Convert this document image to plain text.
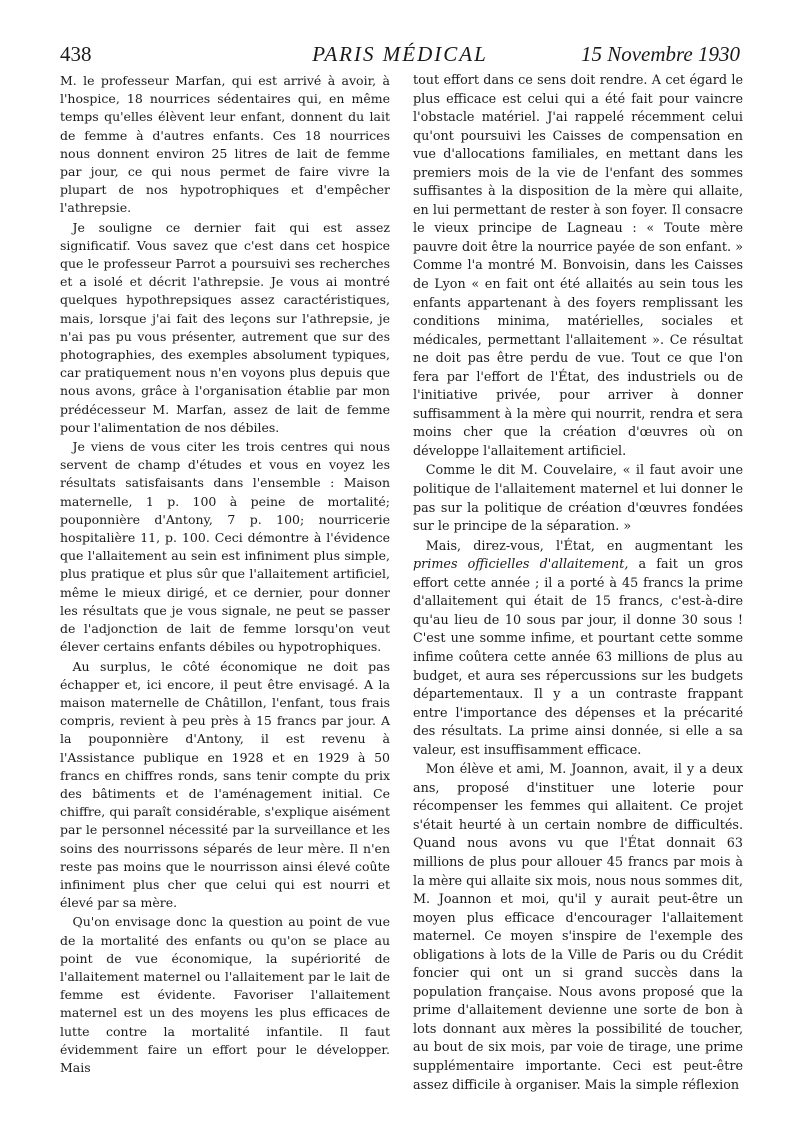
438	PARIS MÉDICAL	15 Novembre 1930

M. le professeur Marfan, qui est arrivé à avoir, à l'hospice, 18 nourrices sédentaires qui, en même temps qu'elles élèvent leur enfant, donnent du lait de femme à d'autres enfants. Ces 18 nourrices nous donnent environ 25 litres de lait de femme par jour, ce qui nous permet de faire vivre la plupart de nos hypotrophiques et d'empêcher l'athrepsie.

Je souligne ce dernier fait qui est assez significatif. Vous savez que c'est dans cet hospice que le professeur Parrot a poursuivi ses recherches et a isolé et décrit l'athrepsie. Je vous ai montré quelques hypothrepsiques assez caractéristiques, mais, lorsque j'ai fait des leçons sur l'athrepsie, je n'ai pas pu vous présenter, autrement que sur des photographies, des exemples absolument typiques, car pratiquement nous n'en voyons plus depuis que nous avons, grâce à l'organisation établie par mon prédécesseur M. Marfan, assez de lait de femme pour l'alimentation de nos débiles.

Je viens de vous citer les trois centres qui nous servent de champ d'études et vous en voyez les résultats satisfaisants dans l'ensemble : Maison maternelle, 1 p. 100 à peine de mortalité; pouponnière d'Antony, 7 p. 100; nourricerie hospitalière 11, p. 100. Ceci démontre à l'évidence que l'allaitement au sein est infiniment plus simple, plus pratique et plus sûr que l'allaitement artificiel, même le mieux dirigé, et ce dernier, pour donner les résultats que je vous signale, ne peut se passer de l'adjonction de lait de femme lorsqu'on veut élever certains enfants débiles ou hypotrophiques.

Au surplus, le côté économique ne doit pas échapper et, ici encore, il peut être envisagé. A la maison maternelle de Châtillon, l'enfant, tous frais compris, revient à peu près à 15 francs par jour. A la pouponnière d'Antony, il est revenu à l'Assistance publique en 1928 et en 1929 à 50 francs en chiffres ronds, sans tenir compte du prix des bâtiments et de l'aménagement initial. Ce chiffre, qui paraît considérable, s'explique aisément par le personnel nécessité par la surveillance et les soins des nourrissons séparés de leur mère. Il n'en reste pas moins que le nourrisson ainsi élevé coûte infiniment plus cher que celui qui est nourri et élevé par sa mère.

Qu'on envisage donc la question au point de vue de la mortalité des enfants ou qu'on se place au point de vue économique, la supériorité de l'allaitement maternel ou l'allaitement par le lait de femme est évidente. Favoriser l'allaitement maternel est un des moyens les plus efficaces de lutte contre la mortalité infantile. Il faut évidemment faire un effort pour le développer. Mais

tout effort dans ce sens doit rendre. A cet égard le plus efficace est celui qui a été fait pour vaincre l'obstacle matériel. J'ai rappelé récemment celui qu'ont poursuivi les Caisses de compensation en vue d'allocations familiales, en mettant dans les premiers mois de la vie de l'enfant des sommes suffisantes à la disposition de la mère qui allaite, en lui permettant de rester à son foyer. Il consacre le vieux principe de Lagneau : « Toute mère pauvre doit être la nourrice payée de son enfant. » Comme l'a montré M. Bonvoisin, dans les Caisses de Lyon « en fait ont été allaités au sein tous les enfants appartenant à des foyers remplissant les conditions minima, matérielles, sociales et médicales, permettant l'allaitement ». Ce résultat ne doit pas être perdu de vue. Tout ce que l'on fera par l'effort de l'État, des industriels ou de l'initiative privée, pour arriver à donner suffisamment à la mère qui nourrit, rendra et sera moins cher que la création d'œuvres où on développe l'allaitement artificiel.

Comme le dit M. Couvelaire, « il faut avoir une politique de l'allaitement maternel et lui donner le pas sur la politique de création d'œuvres fondées sur le principe de la séparation. »

Mais, direz-vous, l'État, en augmentant les primes officielles d'allaitement, a fait un gros effort cette année ; il a porté à 45 francs la prime d'allaitement qui était de 15 francs, c'est-à-dire qu'au lieu de 10 sous par jour, il donne 30 sous ! C'est une somme infime, et pourtant cette somme infime coûtera cette année 63 millions de plus au budget, et aura ses répercussions sur les budgets départementaux. Il y a un contraste frappant entre l'importance des dépenses et la précarité des résultats. La prime ainsi donnée, si elle a sa valeur, est insuffisamment efficace.

Mon élève et ami, M. Joannon, avait, il y a deux ans, proposé d'instituer une loterie pour récompenser les femmes qui allaitent. Ce projet s'était heurté à un certain nombre de difficultés. Quand nous avons vu que l'État donnait 63 millions de plus pour allouer 45 francs par mois à la mère qui allaite six mois, nous nous sommes dit, M. Joannon et moi, qu'il y aurait peut-être un moyen plus efficace d'encourager l'allaitement maternel. Ce moyen s'inspire de l'exemple des obligations à lots de la Ville de Paris ou du Crédit foncier qui ont un si grand succès dans la population française. Nous avons proposé que la prime d'allaitement devienne une sorte de bon à lots donnant aux mères la possibilité de toucher, au bout de six mois, par voie de tirage, une prime supplémentaire importante. Ceci est peut-être assez difficile à organiser. Mais la simple réflexion
